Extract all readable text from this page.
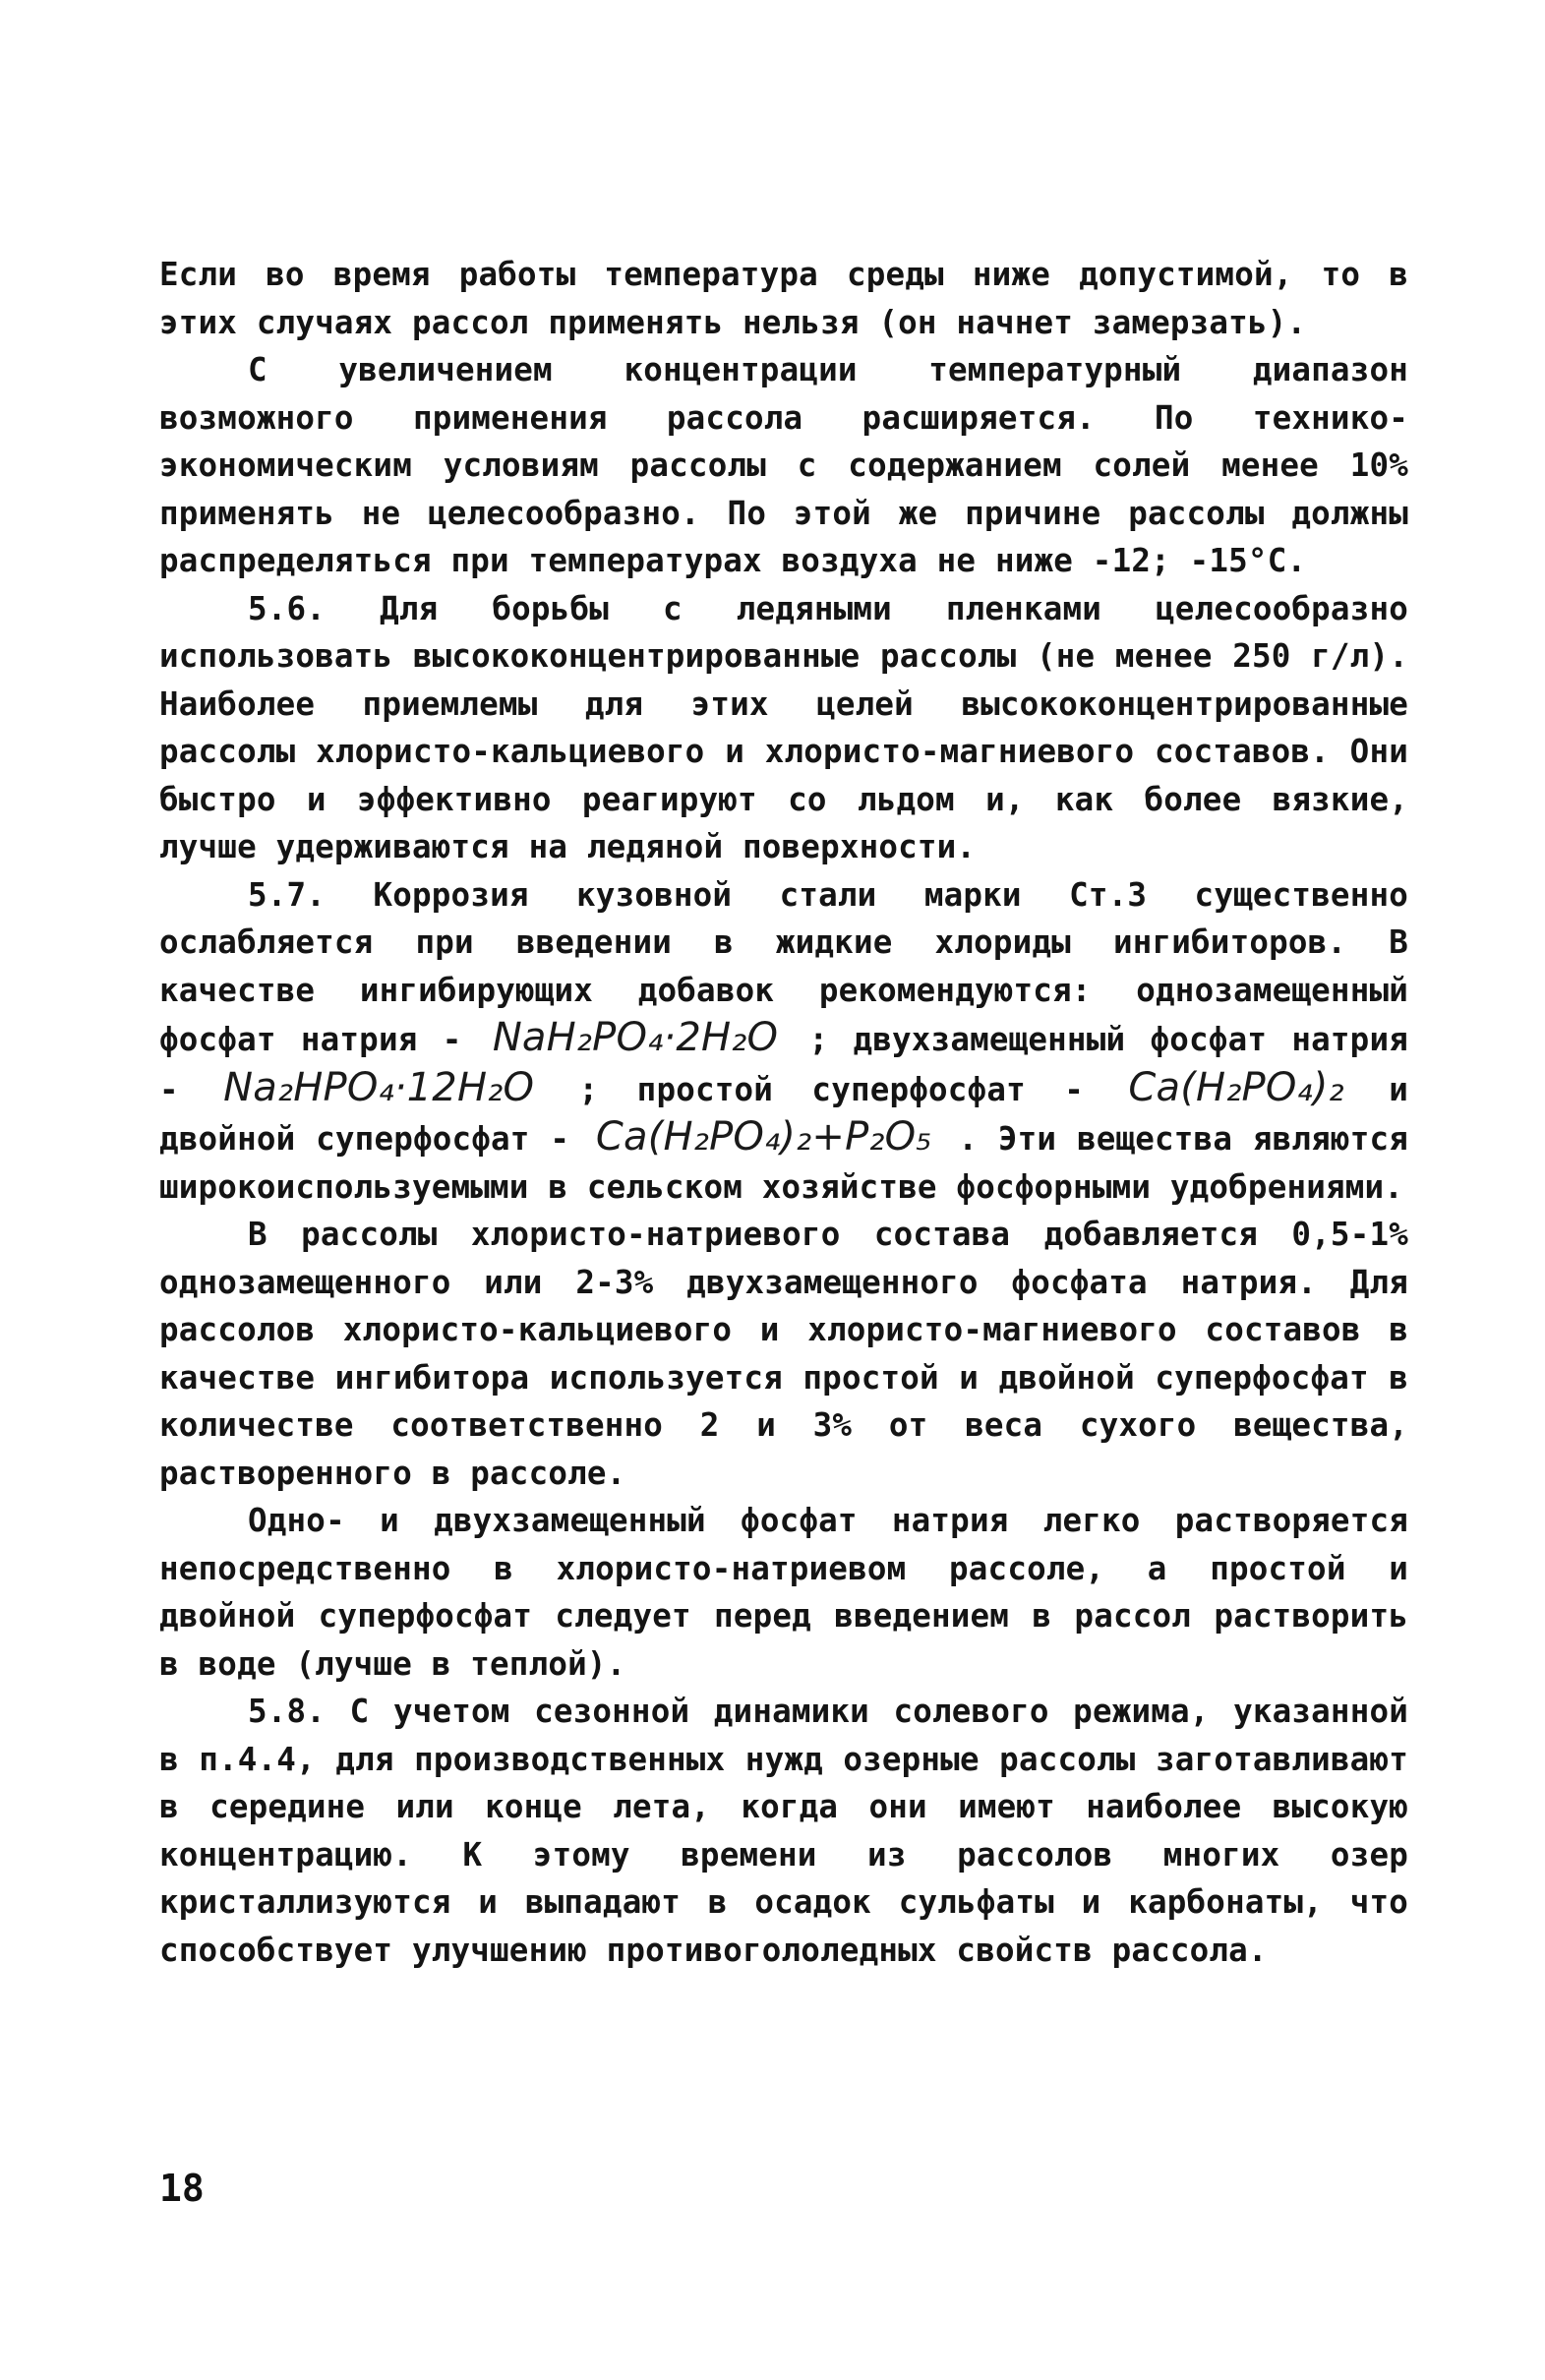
Если во время работы температура среды ниже допустимой, то в этих случаях рассол применять нельзя (он начнет замерзать).

С увеличением концентрации температурный диапазон возможного применения рассола расширяется. По технико-экономическим условиям рассолы с содержанием солей менее 10% применять не целесообразно. По этой же причине рассолы должны распределяться при температурах воздуха не ниже -12; -15°С.

5.6. Для борьбы с ледяными пленками целесообразно использовать высококонцентрированные рассолы (не менее 250 г/л). Наиболее приемлемы для этих целей высококонцентрированные рассолы хлористо-кальциевого и хлористо-магниевого составов. Они быстро и эффективно реагируют со льдом и, как более вязкие, лучше удерживаются на ледяной поверхности.

5.7. Коррозия кузовной стали марки Ст.3 существенно ослабляется при введении в жидкие хлориды ингибиторов. В качестве ингибирующих добавок рекомендуются: однозамещенный фосфат натрия - NaH₂PO₄·2H₂O ; двухзамещенный фосфат натрия - Na₂HPO₄·12H₂O ; простой суперфосфат - Ca(H₂PO₄)₂ и двойной суперфосфат - Ca(H₂PO₄)₂+P₂O₅ . Эти вещества являются широкоиспользуемыми в сельском хозяйстве фосфорными удобрениями.

В рассолы хлористо-натриевого состава добавляется 0,5-1% однозамещенного или 2-3% двухзамещенного фосфата натрия. Для рассолов хлористо-кальциевого и хлористо-магниевого составов в качестве ингибитора используется простой и двойной суперфосфат в количестве соответственно 2 и 3% от веса сухого вещества, растворенного в рассоле.

Одно- и двухзамещенный фосфат натрия легко растворяется непосредственно в хлористо-натриевом рассоле, а простой и двойной суперфосфат следует перед введением в рассол растворить в воде (лучше в теплой).

5.8. С учетом сезонной динамики солевого режима, указанной в п.4.4, для производственных нужд озерные рассолы заготавливают в середине или конце лета, когда они имеют наиболее высокую концентрацию. К этому времени из рассолов многих озер кристаллизуются и выпадают в осадок сульфаты и карбонаты, что способствует улучшению противогололедных свойств рассола.

18
